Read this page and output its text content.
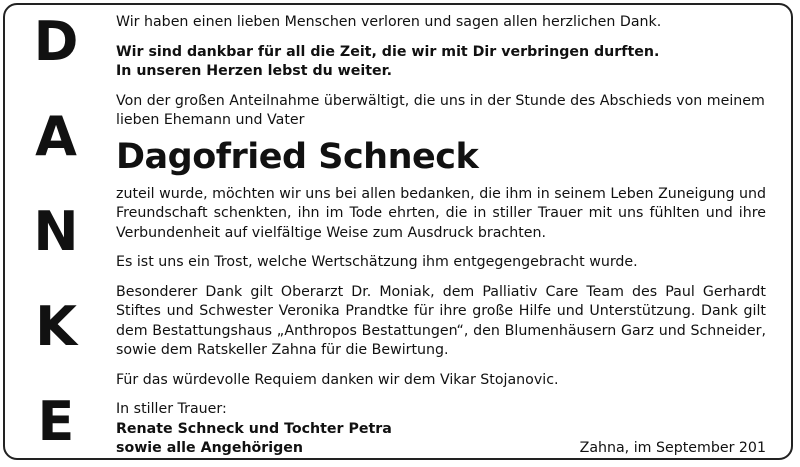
D
A
N
K
E

Wir haben einen lieben Menschen verloren und sagen allen herzlichen Dank.

Wir sind dankbar für all die Zeit, die wir mit Dir verbringen durften.

In unseren Herzen lebst du weiter.

Von der großen Anteilnahme überwältigt, die uns in der Stunde des Abschieds von meinem lieben Ehemann und Vater

Dagofried Schneck

zuteil wurde, möchten wir uns bei allen bedanken, die ihm in seinem Leben Zuneigung und Freundschaft schenkten, ihn im Tode ehrten, die in stiller Trauer mit uns fühlten und ihre Verbundenheit auf vielfältige Weise zum Ausdruck brachten.

Es ist uns ein Trost, welche Wertschätzung ihm entgegengebracht wurde.

Besonderer Dank gilt Oberarzt Dr. Moniak, dem Palliativ Care Team des Paul Gerhardt Stiftes und Schwester Veronika Prandtke für ihre große Hilfe und Unterstützung. Dank gilt dem Bestattungshaus „Anthropos Bestattungen“, den Blumenhäusern Garz und Schneider, sowie dem Ratskeller Zahna für die Bewirtung.

Für das würdevolle Requiem danken wir dem Vikar Stojanovic.

In stiller Trauer:

Renate Schneck und Tochter Petra

sowie alle Angehörigen	Zahna, im September 201
